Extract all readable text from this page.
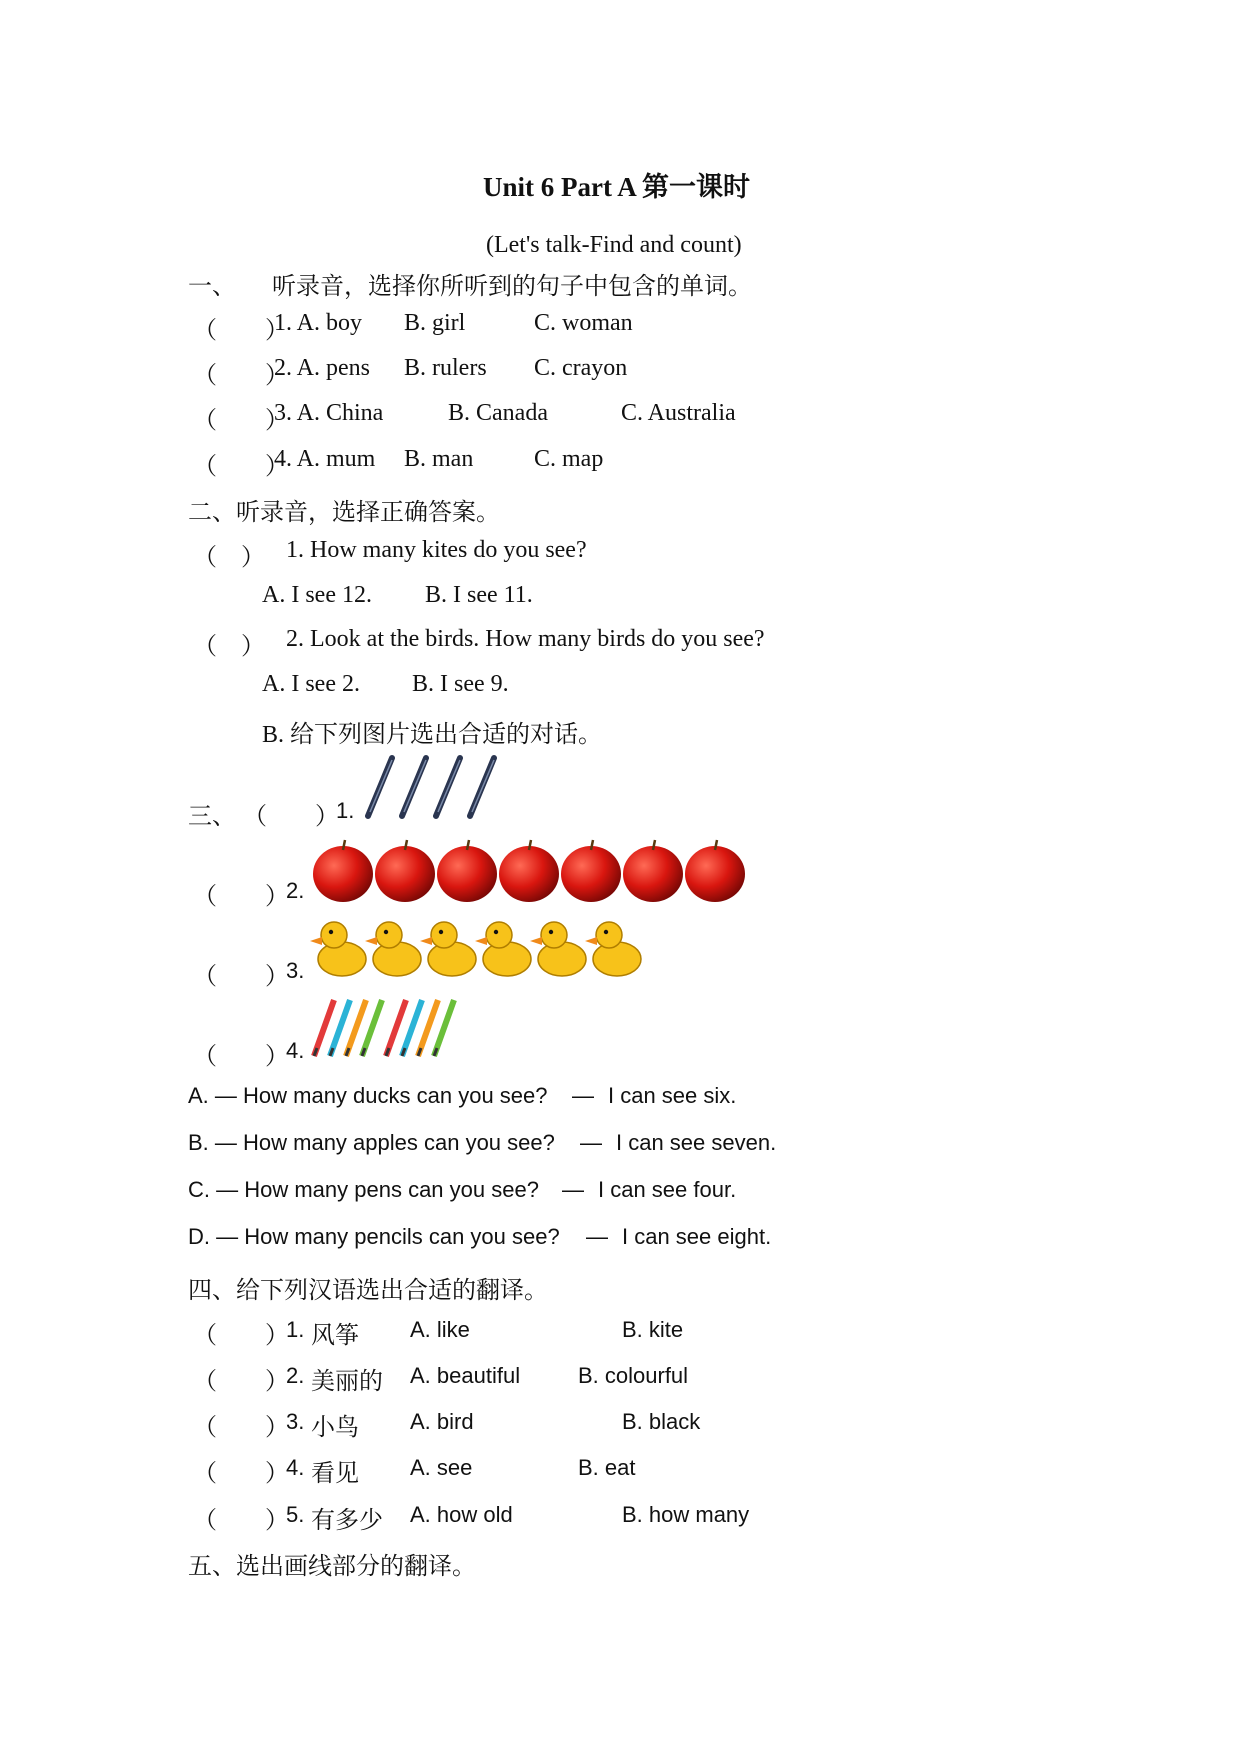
Unit 6 Part A 第一课时
(Let's talk-Find and count)
一、 听录音，选择你所听到的句子中包含的单词。
（　　）
1. A. boy B. girl	C. woman
（　　）
2. A. pens B. rulers C. crayon
（　　）
3. A. China	B. Canada	C. Australia
（　　）
4. A. mum B. man	C. map
二、听录音，选择正确答案。
（　） 1. How many kites do you see?
A. I see 12. B. I see 11.
（　） 2. Look at the birds. How many birds do you see?
A. I see 2. B. I see 9.
B. 给下列图片选出合适的对话。
三、 （　　）
1.
（　　）
2.
（　　）
3.
（　　）
4.
A. — How many ducks can you see? — I can see six.
B. — How many apples can you see? — I can see seven.
C. — How many pens can you see? — I can see four.
D. — How many pencils can you see? — I can see eight.
四、给下列汉语选出合适的翻译。
（　　）
1. 风筝 A. like	B. kite
（　　）
2. 美丽的 A. beautiful	B. colourful
（　　）
3. 小鸟 A. bird	B. black
（　　）
4. 看见 A. see	B. eat
（　　）
5. 有多少 A. how old	B. how many
五、选出画线部分的翻译。
